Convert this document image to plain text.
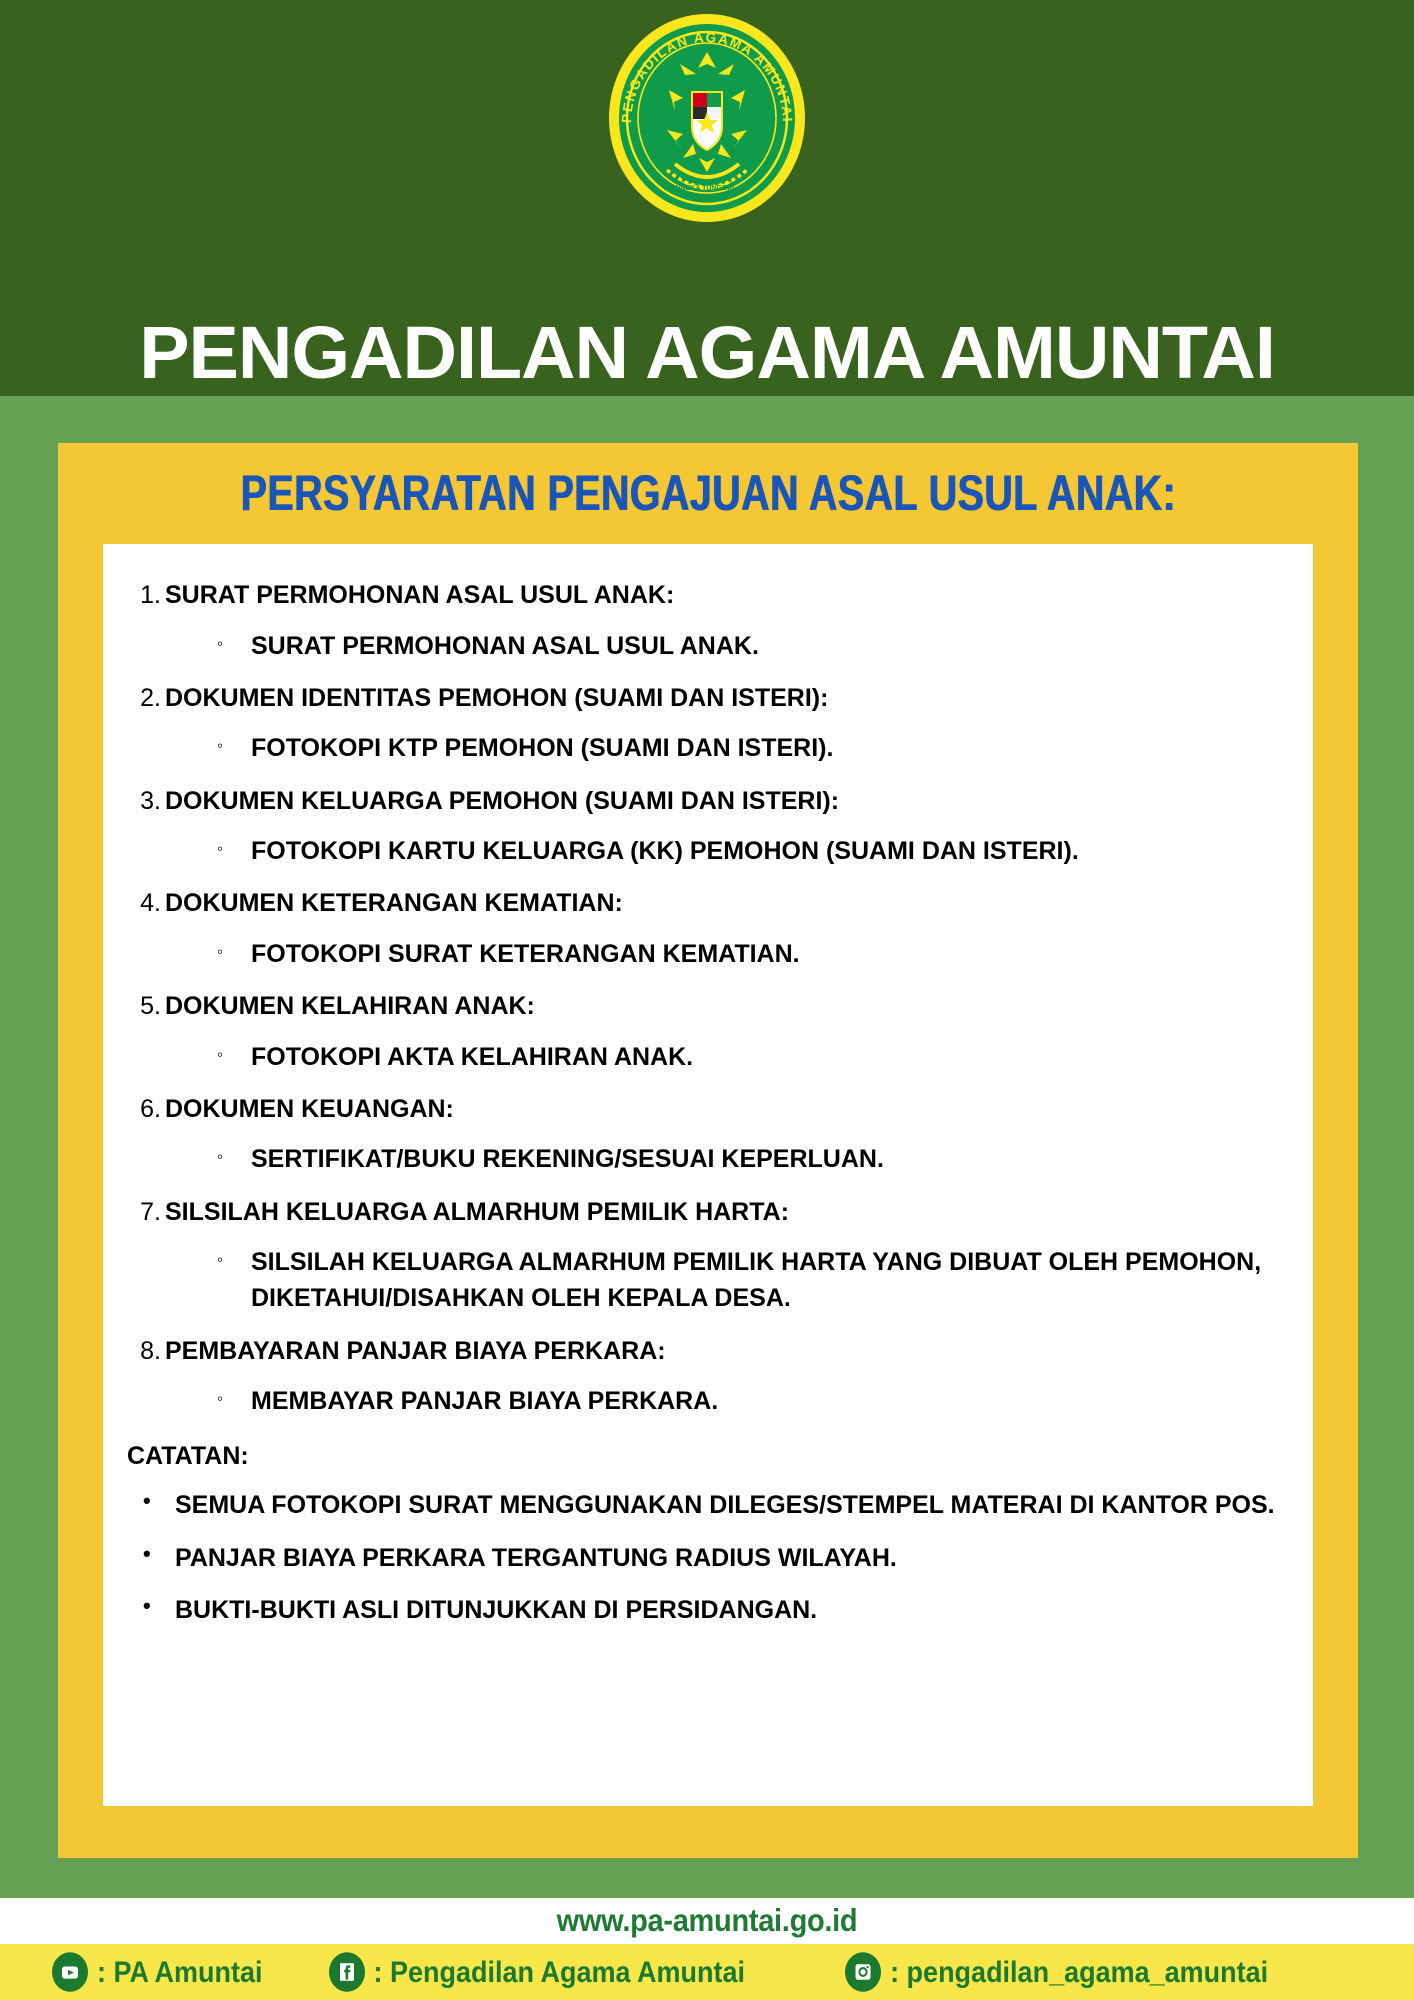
PENGADILAN AGAMA AMUNTAI
BHINNEKA TUNGGAL IKA
PENGADILAN AGAMA AMUNTAI
PERSYARATAN PENGAJUAN ASAL USUL ANAK:
1. SURAT PERMOHONAN ASAL USUL ANAK:
◦	SURAT PERMOHONAN ASAL USUL ANAK.
2. DOKUMEN IDENTITAS PEMOHON (SUAMI DAN ISTERI):
◦	FOTOKOPI KTP PEMOHON (SUAMI DAN ISTERI).
3. DOKUMEN KELUARGA PEMOHON (SUAMI DAN ISTERI):
◦	FOTOKOPI KARTU KELUARGA (KK) PEMOHON (SUAMI DAN ISTERI).
4. DOKUMEN KETERANGAN KEMATIAN:
◦	FOTOKOPI SURAT KETERANGAN KEMATIAN.
5. DOKUMEN KELAHIRAN ANAK:
◦	FOTOKOPI AKTA KELAHIRAN ANAK.
6. DOKUMEN KEUANGAN:
◦	SERTIFIKAT/BUKU REKENING/SESUAI KEPERLUAN.
7. SILSILAH KELUARGA ALMARHUM PEMILIK HARTA:
◦	SILSILAH KELUARGA ALMARHUM PEMILIK HARTA YANG DIBUAT OLEH PEMOHON, DIKETAHUI/DISAHKAN OLEH KEPALA DESA.
8. PEMBAYARAN PANJAR BIAYA PERKARA:
◦	MEMBAYAR PANJAR BIAYA PERKARA.
CATATAN:
• SEMUA FOTOKOPI SURAT MENGGUNAKAN DILEGES/STEMPEL MATERAI DI KANTOR POS.
• PANJAR BIAYA PERKARA TERGANTUNG RADIUS WILAYAH.
• BUKTI-BUKTI ASLI DITUNJUKKAN DI PERSIDANGAN.
www.pa-amuntai.go.id
: PA Amuntai	: Pengadilan Agama Amuntai	: pengadilan_agama_amuntai
